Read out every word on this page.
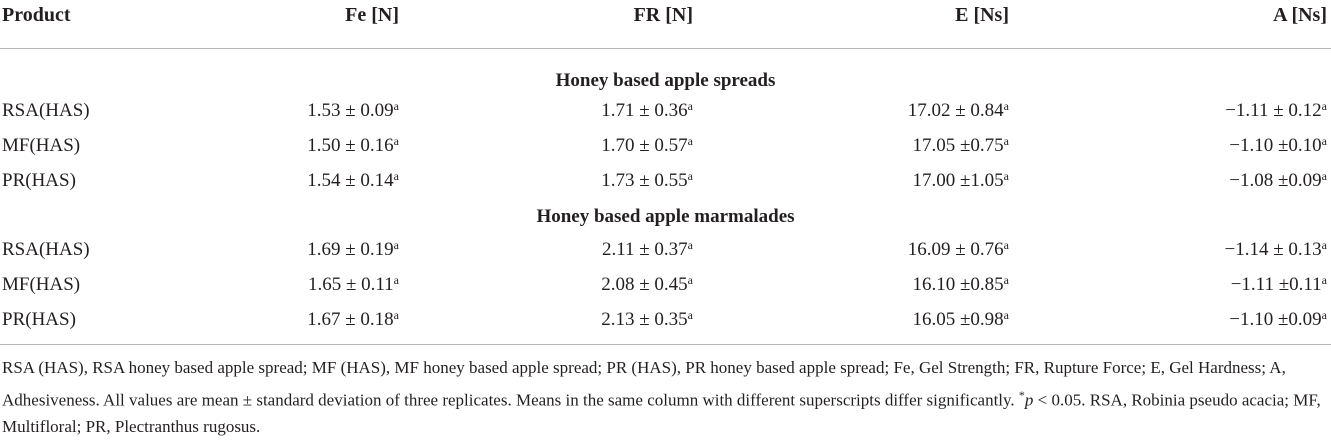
Product	Fe [N]	FR [N]	E [Ns]	A [Ns]
Honey based apple spreads
RSA(HAS)	1.53 ± 0.09$^a$	1.71 ± 0.36$^a$	17.02 ± 0.84$^a$	−1.11 ± 0.12$^a$
MF(HAS)	1.50 ± 0.16$^a$	1.70 ± 0.57$^a$	17.05 ±0.75$^a$	−1.10 ±0.10$^a$
PR(HAS)	1.54 ± 0.14$^a$	1.73 ± 0.55$^a$	17.00 ±1.05$^a$	−1.08 ±0.09$^a$
Honey based apple marmalades
RSA(HAS)	1.69 ± 0.19$^a$	2.11 ± 0.37$^a$	16.09 ± 0.76$^a$	−1.14 ± 0.13$^a$
MF(HAS)	1.65 ± 0.11$^a$	2.08 ± 0.45$^a$	16.10 ±0.85$^a$	−1.11 ±0.11$^a$
PR(HAS)	1.67 ± 0.18$^a$	2.13 ± 0.35$^a$	16.05 ±0.98$^a$	−1.10 ±0.09$^a$
RSA (HAS), RSA honey based apple spread; MF (HAS), MF honey based apple spread; PR (HAS), PR honey based apple spread; Fe, Gel Strength; FR, Rupture Force; E, Gel Hardness; A, Adhesiveness. All values are mean ± standard deviation of three replicates. Means in the same column with different superscripts differ significantly. *p < 0.05. RSA, Robinia pseudo acacia; MF, Multifloral; PR, Plectranthus rugosus.
